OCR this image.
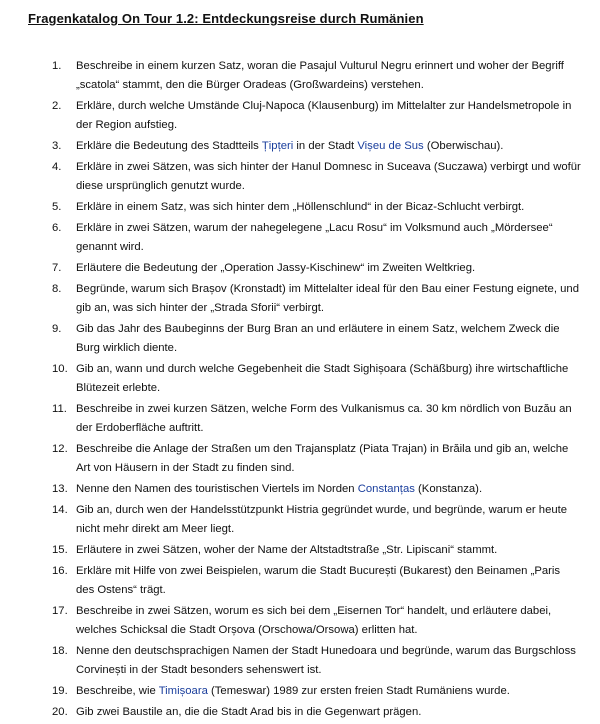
Fragenkatalog On Tour 1.2: Entdeckungsreise durch Rumänien
1. Beschreibe in einem kurzen Satz, woran die Pasajul Vulturul Negru erinnert und woher der Begriff
„scatola“ stammt, den die Bürger Oradeas (Großwardeins) verstehen.
2. Erkläre, durch welche Umstände Cluj-Napoca (Klausenburg) im Mittelalter zur Handelsmetropole in
der Region aufstieg.
3. Erkläre die Bedeutung des Stadtteils Țipțeri in der Stadt Vișeu de Sus (Oberwischau).
4. Erkläre in zwei Sätzen, was sich hinter der Hanul Domnesc in Suceava (Suczawa) verbirgt und wofür
diese ursprünglich genutzt wurde.
5. Erkläre in einem Satz, was sich hinter dem „Höllenschlund“ in der Bicaz-Schlucht verbirgt.
6. Erkläre in zwei Sätzen, warum der nahegelegene „Lacu Rosu“ im Volksmund auch „Mördersee“
genannt wird.
7. Erläutere die Bedeutung der „Operation Jassy-Kischinew“ im Zweiten Weltkrieg.
8. Begründe, warum sich Brașov (Kronstadt) im Mittelalter ideal für den Bau einer Festung eignete, und
gib an, was sich hinter der „Strada Sforii“ verbirgt.
9. Gib das Jahr des Baubeginns der Burg Bran an und erläutere in einem Satz, welchem Zweck die
Burg wirklich diente.
10. Gib an, wann und durch welche Gegebenheit die Stadt Sighișoara (Schäßburg) ihre wirtschaftliche
Blütezeit erlebte.
11. Beschreibe in zwei kurzen Sätzen, welche Form des Vulkanismus ca. 30 km nördlich von Buzău an
der Erdoberfläche auftritt.
12. Beschreibe die Anlage der Straßen um den Trajansplatz (Piata Trajan) in Brăila und gib an, welche
Art von Häusern in der Stadt zu finden sind.
13. Nenne den Namen des touristischen Viertels im Norden Constanțas (Konstanza).
14. Gib an, durch wen der Handelsstützpunkt Histria gegründet wurde, und begründe, warum er heute
nicht mehr direkt am Meer liegt.
15. Erläutere in zwei Sätzen, woher der Name der Altstadtstraße „Str. Lipiscani“ stammt.
16. Erkläre mit Hilfe von zwei Beispielen, warum die Stadt București (Bukarest) den Beinamen „Paris
des Ostens“ trägt.
17. Beschreibe in zwei Sätzen, worum es sich bei dem „Eisernen Tor“ handelt, und erläutere dabei,
welches Schicksal die Stadt Orșova (Orschowa/Orsowa) erlitten hat.
18. Nenne den deutschsprachigen Namen der Stadt Hunedoara und begründe, warum das Burgschloss
Corvinești in der Stadt besonders sehenswert ist.
19. Beschreibe, wie Timișoara (Temeswar) 1989 zur ersten freien Stadt Rumäniens wurde.
20. Gib zwei Baustile an, die die Stadt Arad bis in die Gegenwart prägen.
